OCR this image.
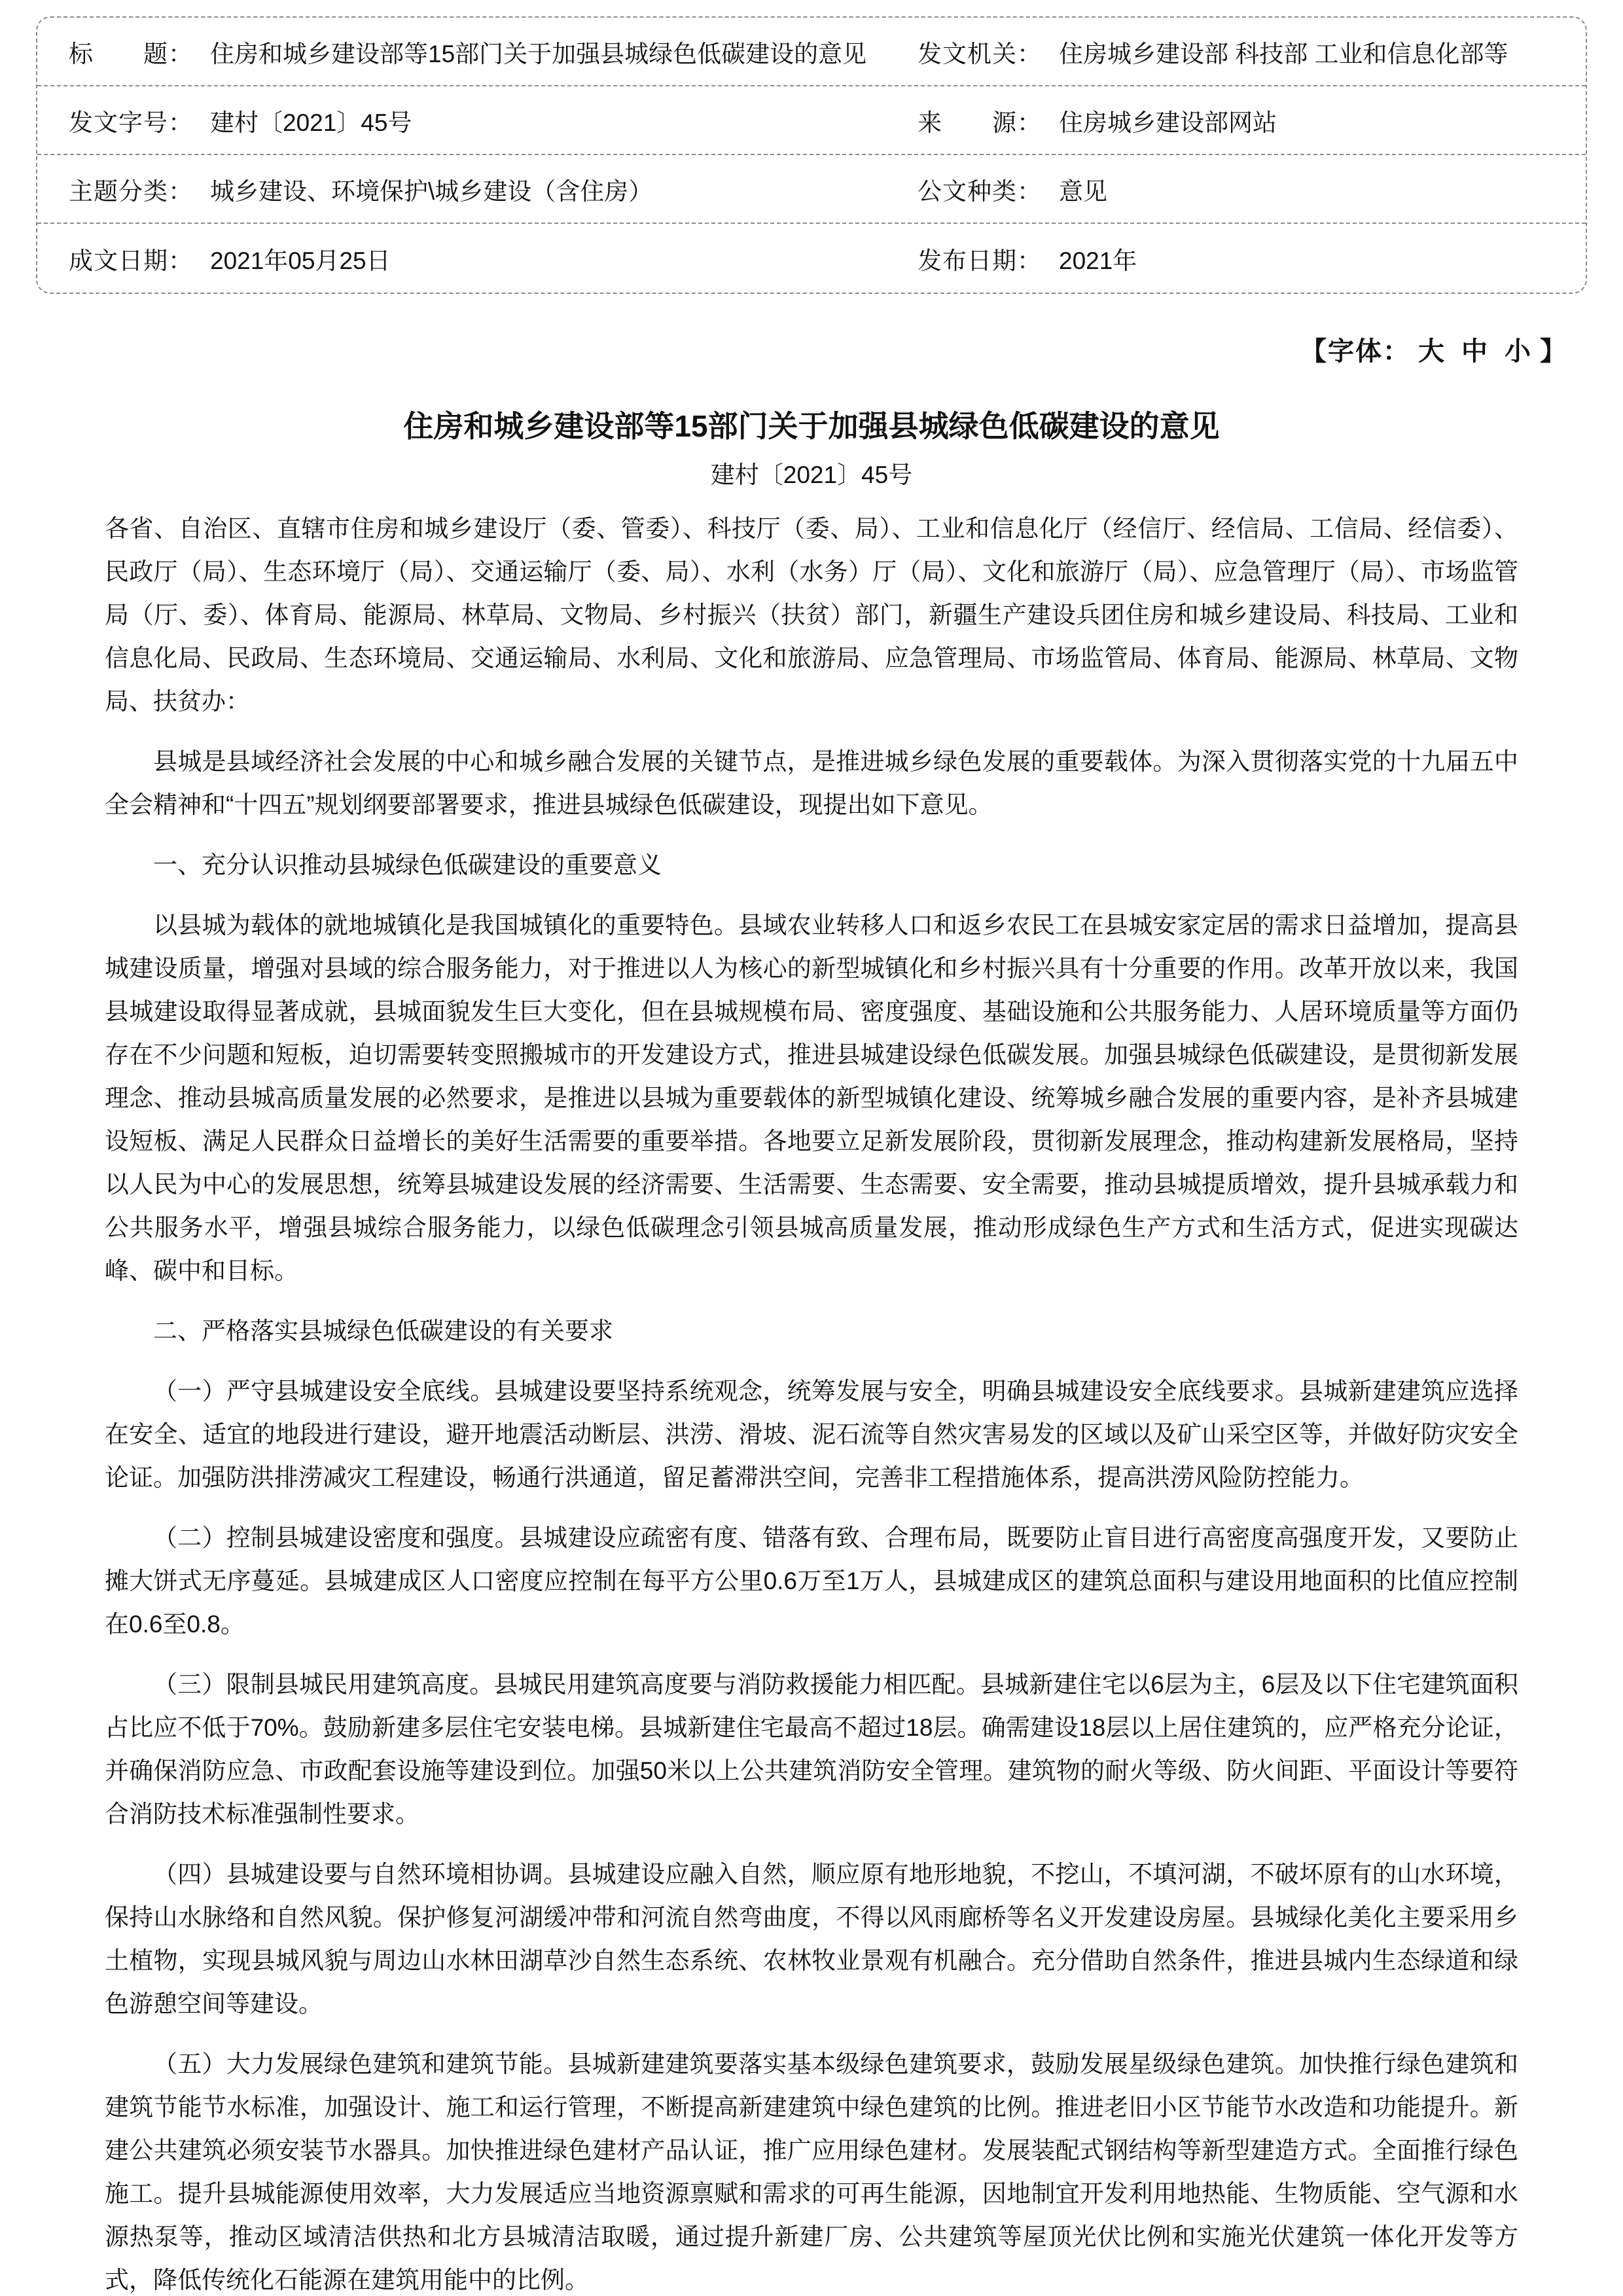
标　　题： 住房和城乡建设部等15部门关于加强县城绿色低碳建设的意见 发文机关： 住房城乡建设部 科技部 工业和信息化部等
发文字号： 建村〔2021〕45号	来　　源： 住房城乡建设部网站
主题分类： 城乡建设、环境保护\城乡建设（含住房）	公文种类： 意见
成文日期： 2021年05月25日	发布日期： 2021年
【字体： 大 中 小 】
住房和城乡建设部等15部门关于加强县城绿色低碳建设的意见
建村〔2021〕45号

各省、自治区、直辖市住房和城乡建设厅（委、管委）、科技厅（委、局）、工业和信息化厅（经信厅、经信局、工信局、经信委）、民政厅（局）、生态环境厅（局）、交通运输厅（委、局）、水利（水务）厅（局）、文化和旅游厅（局）、应急管理厅（局）、市场监管局（厅、委）、体育局、能源局、林草局、文物局、乡村振兴（扶贫）部门，新疆生产建设兵团住房和城乡建设局、科技局、工业和信息化局、民政局、生态环境局、交通运输局、水利局、文化和旅游局、应急管理局、市场监管局、体育局、能源局、林草局、文物局、扶贫办：

县城是县域经济社会发展的中心和城乡融合发展的关键节点，是推进城乡绿色发展的重要载体。为深入贯彻落实党的十九届五中全会精神和“十四五”规划纲要部署要求，推进县城绿色低碳建设，现提出如下意见。

一、充分认识推动县城绿色低碳建设的重要意义

以县城为载体的就地城镇化是我国城镇化的重要特色。县域农业转移人口和返乡农民工在县城安家定居的需求日益增加，提高县城建设质量，增强对县域的综合服务能力，对于推进以人为核心的新型城镇化和乡村振兴具有十分重要的作用。改革开放以来，我国县城建设取得显著成就，县城面貌发生巨大变化，但在县城规模布局、密度强度、基础设施和公共服务能力、人居环境质量等方面仍存在不少问题和短板，迫切需要转变照搬城市的开发建设方式，推进县城建设绿色低碳发展。加强县城绿色低碳建设，是贯彻新发展理念、推动县城高质量发展的必然要求，是推进以县城为重要载体的新型城镇化建设、统筹城乡融合发展的重要内容，是补齐县城建设短板、满足人民群众日益增长的美好生活需要的重要举措。各地要立足新发展阶段，贯彻新发展理念，推动构建新发展格局，坚持以人民为中心的发展思想，统筹县城建设发展的经济需要、生活需要、生态需要、安全需要，推动县城提质增效，提升县城承载力和公共服务水平，增强县城综合服务能力，以绿色低碳理念引领县城高质量发展，推动形成绿色生产方式和生活方式，促进实现碳达峰、碳中和目标。

二、严格落实县城绿色低碳建设的有关要求

（一）严守县城建设安全底线。县城建设要坚持系统观念，统筹发展与安全，明确县城建设安全底线要求。县城新建建筑应选择在安全、适宜的地段进行建设，避开地震活动断层、洪涝、滑坡、泥石流等自然灾害易发的区域以及矿山采空区等，并做好防灾安全论证。加强防洪排涝减灾工程建设，畅通行洪通道，留足蓄滞洪空间，完善非工程措施体系，提高洪涝风险防控能力。

（二）控制县城建设密度和强度。县城建设应疏密有度、错落有致、合理布局，既要防止盲目进行高密度高强度开发，又要防止摊大饼式无序蔓延。县城建成区人口密度应控制在每平方公里0.6万至1万人，县城建成区的建筑总面积与建设用地面积的比值应控制在0.6至0.8。

（三）限制县城民用建筑高度。县城民用建筑高度要与消防救援能力相匹配。县城新建住宅以6层为主，6层及以下住宅建筑面积占比应不低于70%。鼓励新建多层住宅安装电梯。县城新建住宅最高不超过18层。确需建设18层以上居住建筑的，应严格充分论证，并确保消防应急、市政配套设施等建设到位。加强50米以上公共建筑消防安全管理。建筑物的耐火等级、防火间距、平面设计等要符合消防技术标准强制性要求。

（四）县城建设要与自然环境相协调。县城建设应融入自然，顺应原有地形地貌，不挖山，不填河湖，不破坏原有的山水环境，保持山水脉络和自然风貌。保护修复河湖缓冲带和河流自然弯曲度，不得以风雨廊桥等名义开发建设房屋。县城绿化美化主要采用乡土植物，实现县城风貌与周边山水林田湖草沙自然生态系统、农林牧业景观有机融合。充分借助自然条件，推进县城内生态绿道和绿色游憩空间等建设。

（五）大力发展绿色建筑和建筑节能。县城新建建筑要落实基本级绿色建筑要求，鼓励发展星级绿色建筑。加快推行绿色建筑和建筑节能节水标准，加强设计、施工和运行管理，不断提高新建建筑中绿色建筑的比例。推进老旧小区节能节水改造和功能提升。新建公共建筑必须安装节水器具。加快推进绿色建材产品认证，推广应用绿色建材。发展装配式钢结构等新型建造方式。全面推行绿色施工。提升县城能源使用效率，大力发展适应当地资源禀赋和需求的可再生能源，因地制宜开发利用地热能、生物质能、空气源和水源热泵等，推动区域清洁供热和北方县城清洁取暖，通过提升新建厂房、公共建筑等屋顶光伏比例和实施光伏建筑一体化开发等方式，降低传统化石能源在建筑用能中的比例。
